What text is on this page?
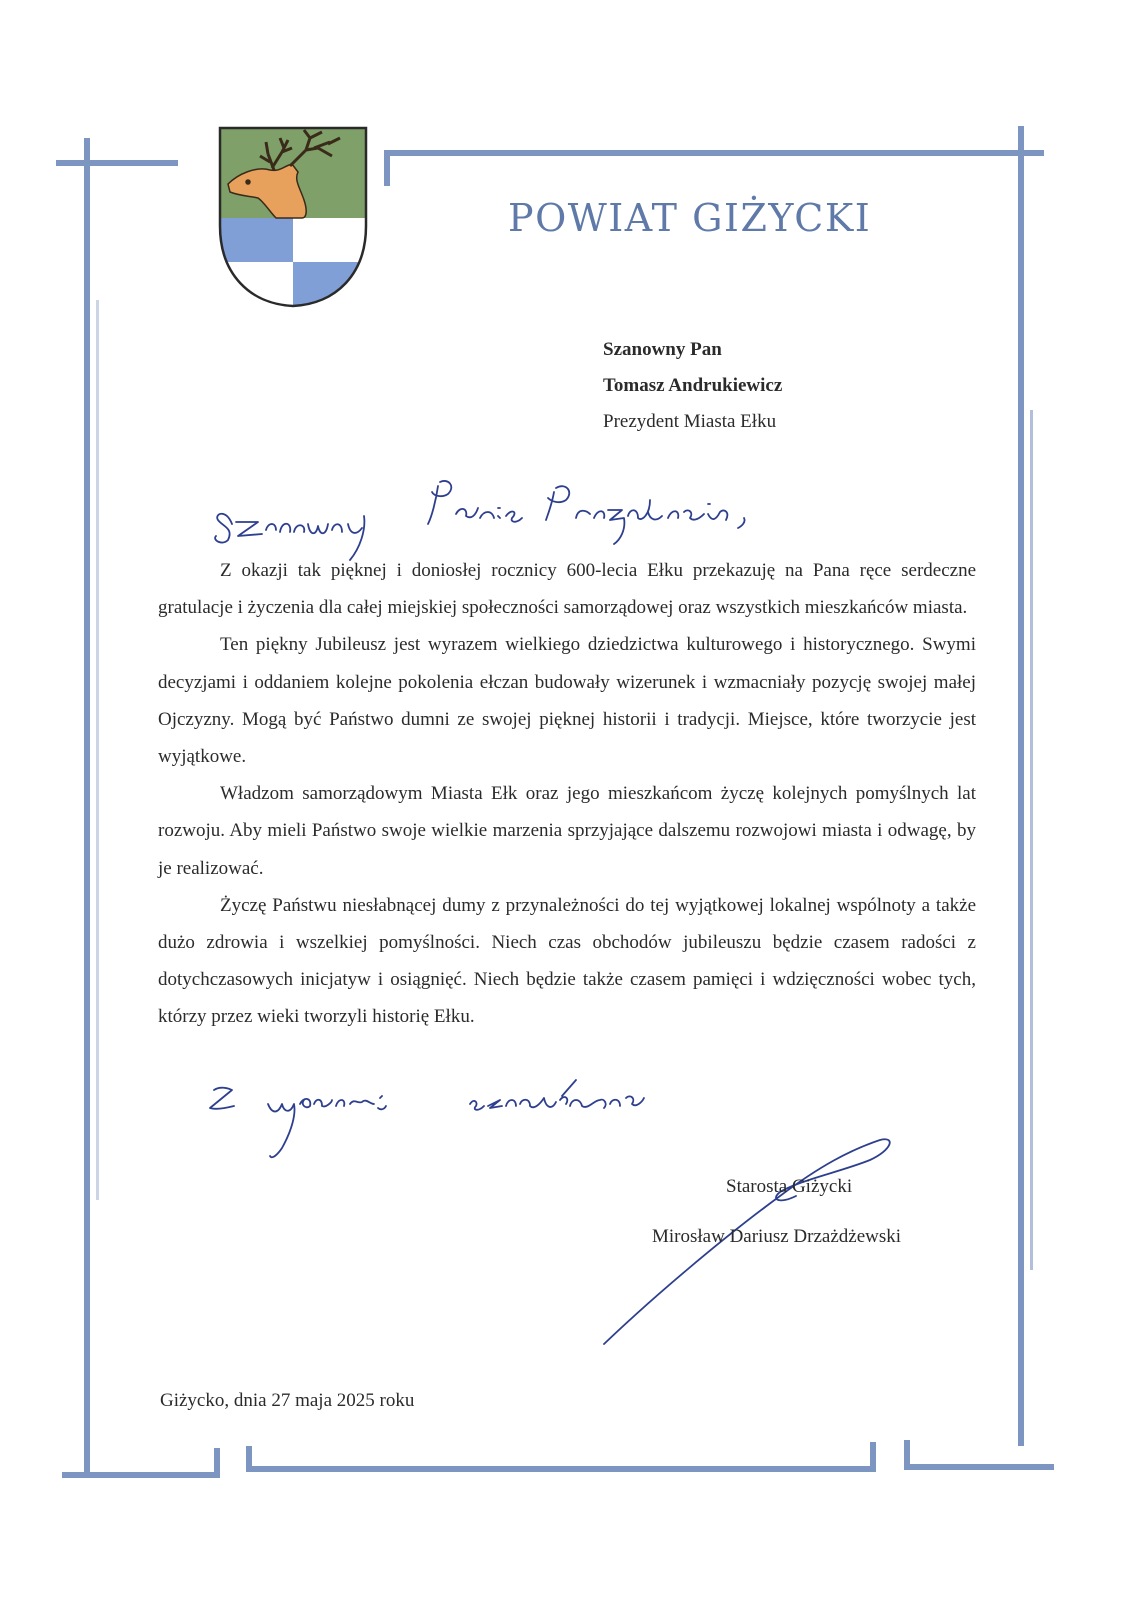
POWIAT GIŻYCKI
Szanowny Pan
Tomasz Andrukiewicz
Prezydent Miasta Ełku

Z okazji tak pięknej i doniosłej rocznicy 600-lecia Ełku przekazuję na Pana ręce serdeczne gratulacje i życzenia dla całej miejskiej społeczności samorządowej oraz wszystkich mieszkańców miasta.

Ten piękny Jubileusz jest wyrazem wielkiego dziedzictwa kulturowego i historycznego. Swymi decyzjami i oddaniem kolejne pokolenia ełczan budowały wizerunek i wzmacniały pozycję swojej małej Ojczyzny. Mogą być Państwo dumni ze swojej pięknej historii i tradycji. Miejsce, które tworzycie jest wyjątkowe.

Władzom samorządowym Miasta Ełk oraz jego mieszkańcom życzę kolejnych pomyślnych lat rozwoju. Aby mieli Państwo swoje wielkie marzenia sprzyjające dalszemu rozwojowi miasta i odwagę, by je realizować.

Życzę Państwu niesłabnącej dumy z przynależności do tej wyjątkowej lokalnej wspólnoty a także dużo zdrowia i wszelkiej pomyślności. Niech czas obchodów jubileuszu będzie czasem radości z dotychczasowych inicjatyw i osiągnięć. Niech będzie także czasem pamięci i wdzięczności wobec tych, którzy przez wieki tworzyli historię Ełku.

Starosta Giżycki
Mirosław Dariusz Drzażdżewski
Giżycko, dnia 27 maja 2025 roku
